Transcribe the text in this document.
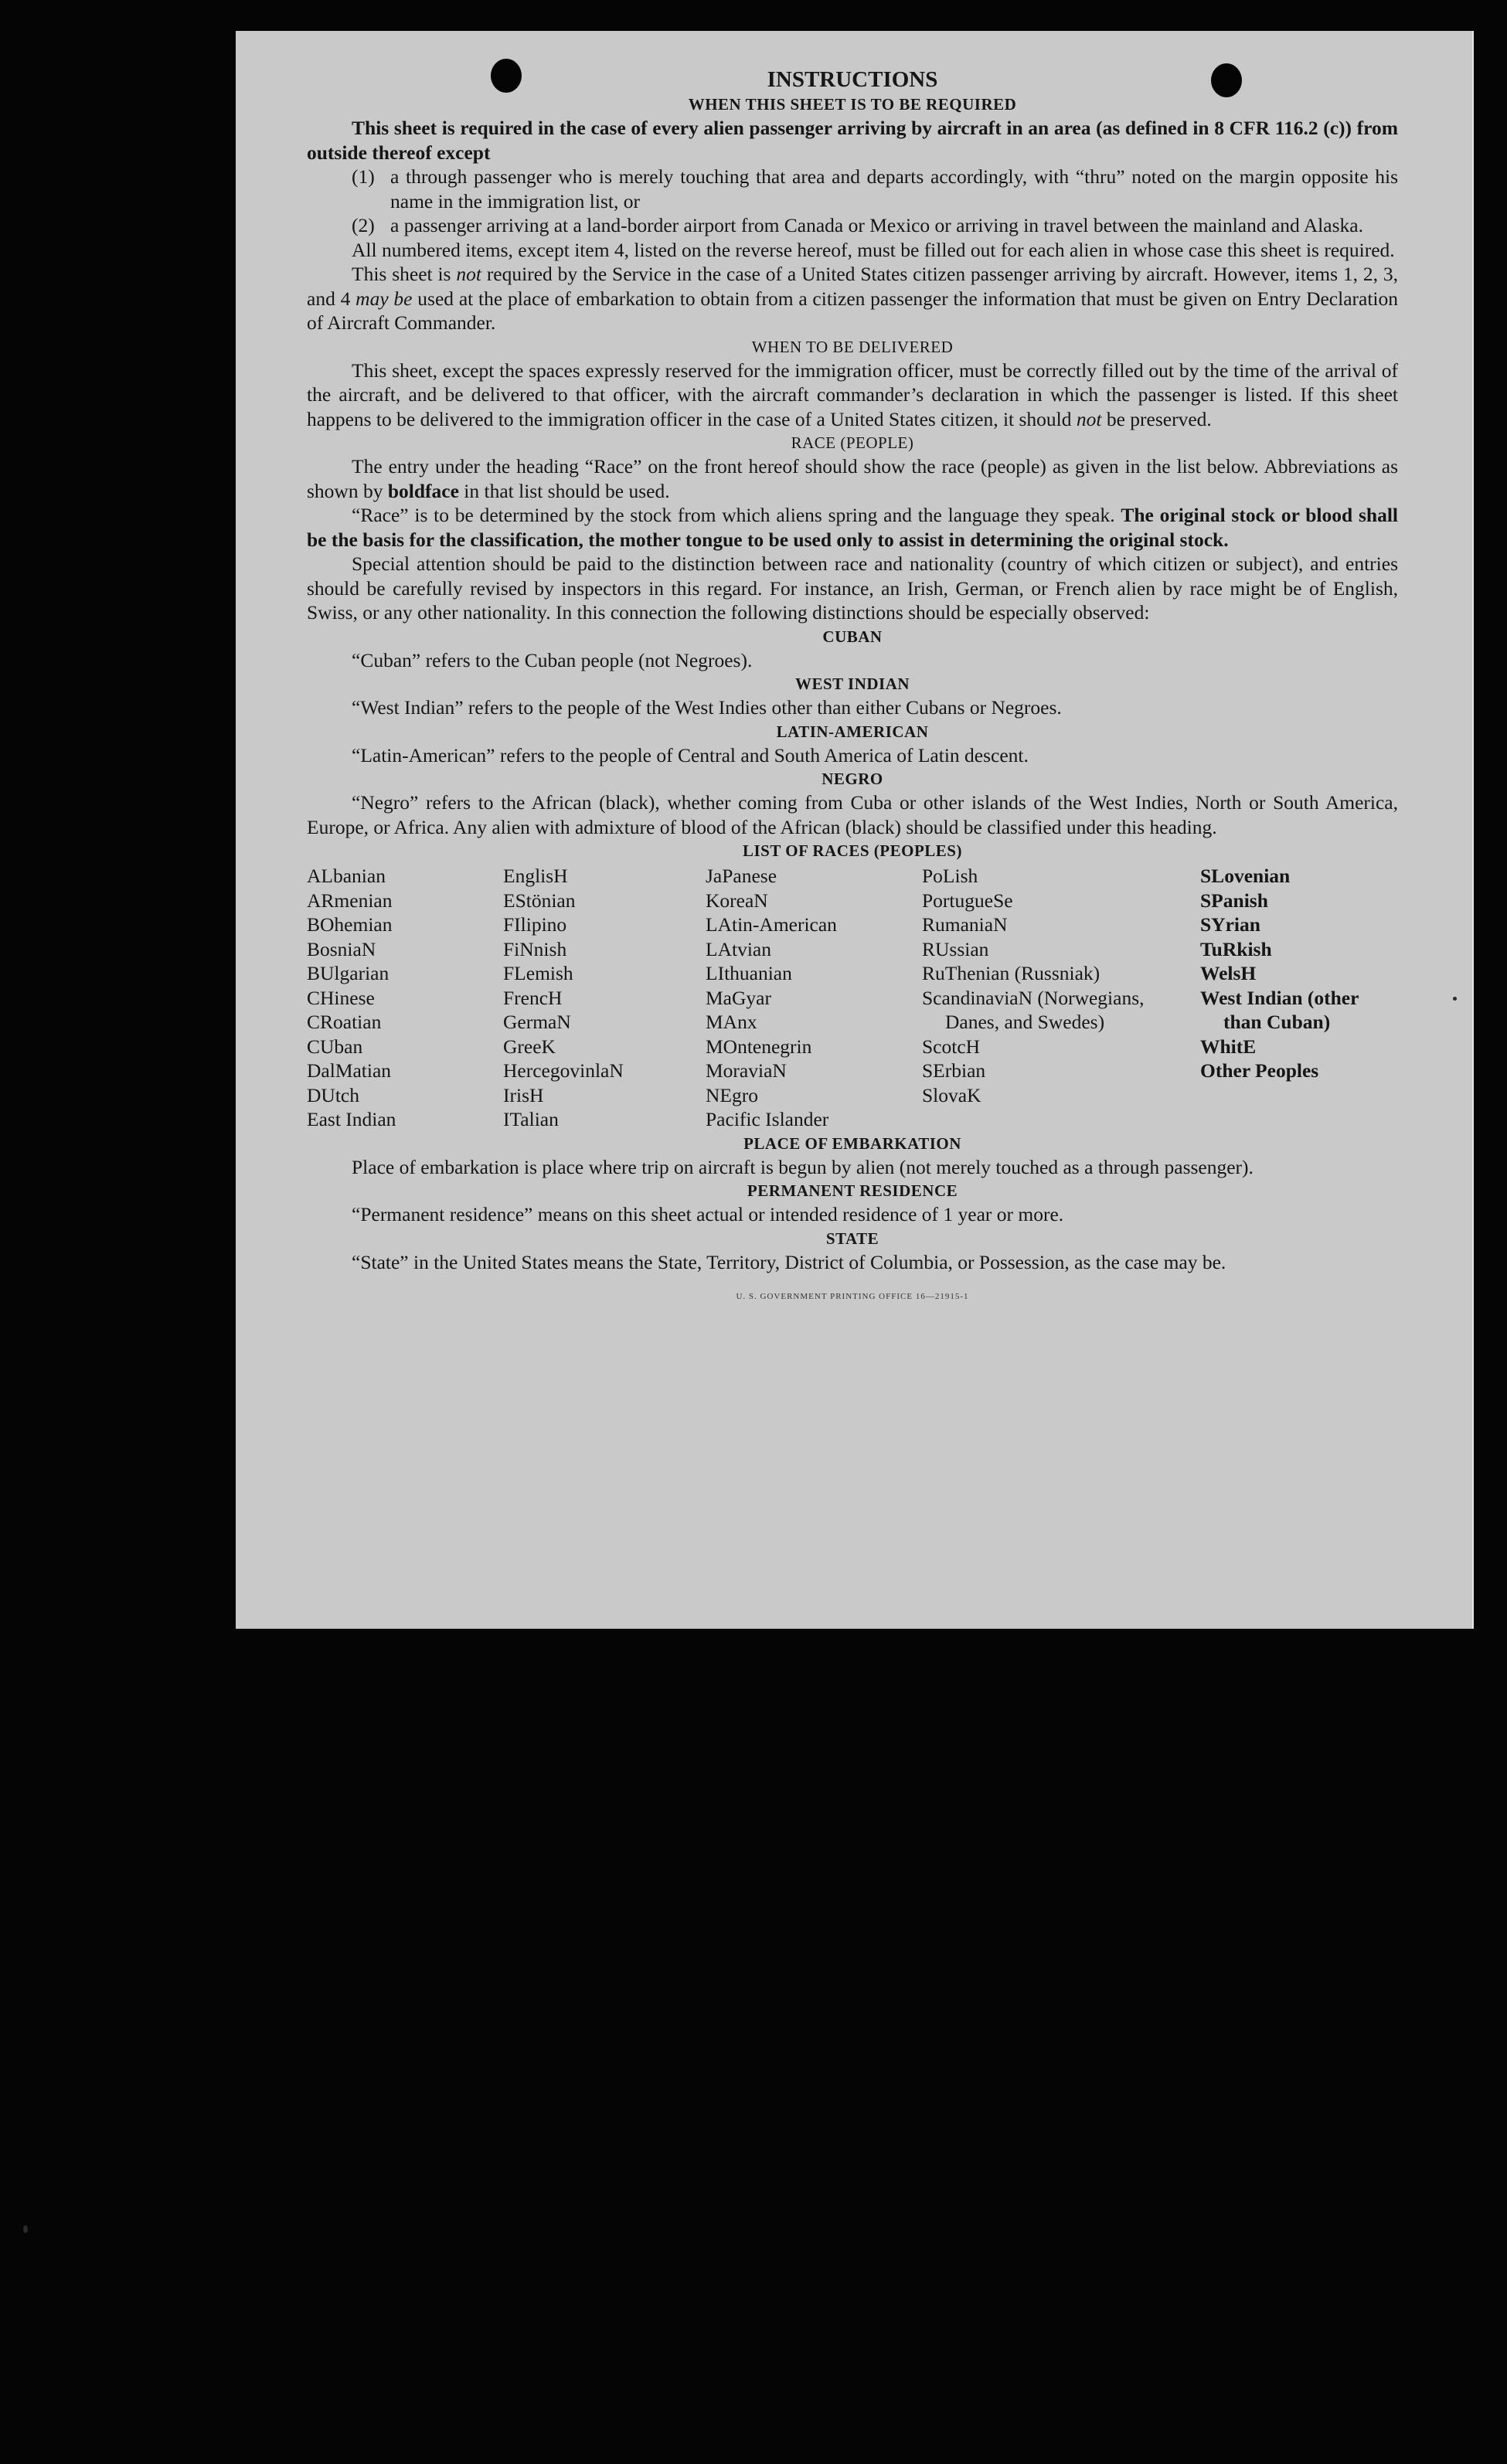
INSTRUCTIONS
WHEN THIS SHEET IS TO BE REQUIRED

This sheet is required in the case of every alien passenger arriving by aircraft in an area (as defined in 8 CFR 116.2 (c)) from outside thereof except

(1) a through passenger who is merely touching that area and departs accordingly, with “thru” noted on the margin opposite his name in the immigration list, or
(2) a passenger arriving at a land-border airport from Canada or Mexico or arriving in travel between the mainland and Alaska.

All numbered items, except item 4, listed on the reverse hereof, must be filled out for each alien in whose case this sheet is required.

This sheet is not required by the Service in the case of a United States citizen passenger arriving by aircraft. However, items 1, 2, 3, and 4 may be used at the place of embarkation to obtain from a citizen passenger the information that must be given on Entry Declaration of Aircraft Commander.

WHEN TO BE DELIVERED

This sheet, except the spaces expressly reserved for the immigration officer, must be correctly filled out by the time of the arrival of the aircraft, and be delivered to that officer, with the aircraft commander’s declaration in which the passenger is listed. If this sheet happens to be delivered to the immigration officer in the case of a United States citizen, it should not be preserved.

RACE (PEOPLE)

The entry under the heading “Race” on the front hereof should show the race (people) as given in the list below. Abbreviations as shown by boldface in that list should be used.

“Race” is to be determined by the stock from which aliens spring and the language they speak. The original stock or blood shall be the basis for the classification, the mother tongue to be used only to assist in determining the original stock.

Special attention should be paid to the distinction between race and nationality (country of which citizen or subject), and entries should be carefully revised by inspectors in this regard. For instance, an Irish, German, or French alien by race might be of English, Swiss, or any other nationality. In this connection the following distinctions should be especially observed:

CUBAN

“Cuban” refers to the Cuban people (not Negroes).

WEST INDIAN

“West Indian” refers to the people of the West Indies other than either Cubans or Negroes.

LATIN-AMERICAN

“Latin-American” refers to the people of Central and South America of Latin descent.

NEGRO

“Negro” refers to the African (black), whether coming from Cuba or other islands of the West Indies, North or South America, Europe, or Africa. Any alien with admixture of blood of the African (black) should be classified under this heading.

LIST OF RACES (PEOPLES)
ALbanian
ARmenian
BOhemian
BosniaN
BUlgarian
CHinese
CRoatian
CUban
DalMatian
DUtch
East Indian
EnglisH
EStönian
FIlipino
FiNnish
FLemish
FrencH
GermaN
GreeK
HercegovinlaN
IrisH
ITalian
JaPanese
KoreaN
LAtin-American
LAtvian
LIthuanian
MaGyar
MAnx
MOntenegrin
MoraviaN
NEgro
Pacific Islander
PoLish
PortugueSe
RumaniaN
RUssian
RuThenian (Russniak)
ScandinaviaN (Norwegians, Danes, and Swedes)
ScotcH
SErbian
SlovaK
SLovenian
SPanish
SYrian
TuRkish
WelsH
West Indian (other than Cuban)
WhitE
Other Peoples
PLACE OF EMBARKATION

Place of embarkation is place where trip on aircraft is begun by alien (not merely touched as a through passenger).

PERMANENT RESIDENCE

“Permanent residence” means on this sheet actual or intended residence of 1 year or more.

STATE

“State” in the United States means the State, Territory, District of Columbia, or Possession, as the case may be.

U. S. GOVERNMENT PRINTING OFFICE 16—21915-1
